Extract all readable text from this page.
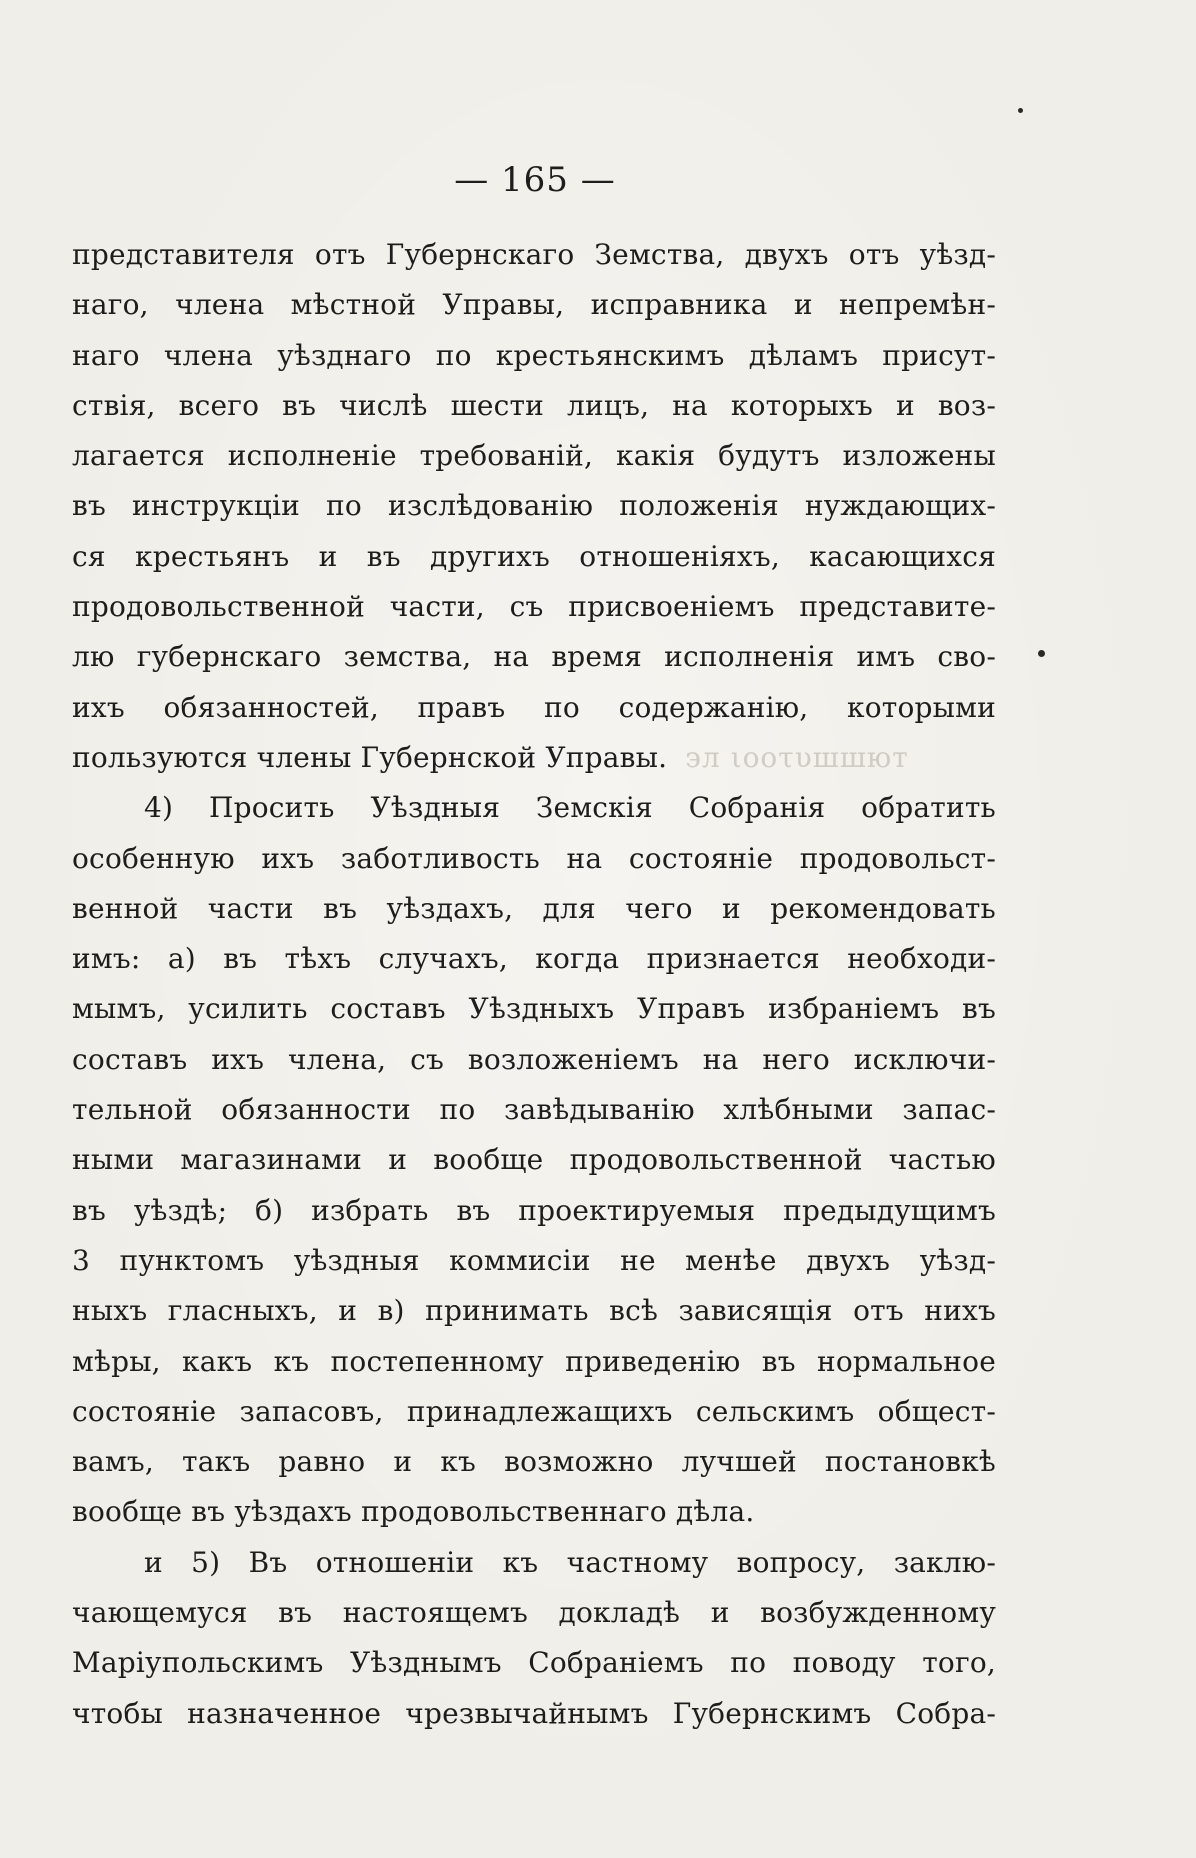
— 165 —
представителя отъ Губернскаго Земства, двухъ отъ уѣзд-
наго, члена мѣстной Управы, исправника и непремѣн-
наго члена уѣзднаго по крестьянскимъ дѣламъ присут-
ствія, всего въ числѣ шести лицъ, на которыхъ и воз-
лагается исполненіе требованій, какія будутъ изложены
въ инструкціи по изслѣдованію положенія нуждающих-
ся крестьянъ и въ другихъ отношеніяхъ, касающихся
продовольственной части, съ присвоеніемъ представите-
лю губернскаго земства, на время исполненія имъ сво-
ихъ обязанностей, правъ по содержанію, которыми
пользуются члены Губернской Управы. эл ιοοτυшшют
4) Просить Уѣздныя Земскія Собранія обратить
особенную ихъ заботливость на состояніе продовольст-
венной части въ уѣздахъ, для чего и рекомендовать
имъ: а) въ тѣхъ случахъ, когда признается необходи-
мымъ, усилить составъ Уѣздныхъ Управъ избраніемъ въ
составъ ихъ члена, съ возложеніемъ на него исключи-
тельной обязанности по завѣдыванію хлѣбными запас-
ными магазинами и вообще продовольственной частью
въ уѣздѣ; б) избрать въ проектируемыя предыдущимъ
3 пунктомъ уѣздныя коммисіи не менѣе двухъ уѣзд-
ныхъ гласныхъ, и в) принимать всѣ зависящія отъ нихъ
мѣры, какъ къ постепенному приведенію въ нормальное
состояніе запасовъ, принадлежащихъ сельскимъ общест-
вамъ, такъ равно и къ возможно лучшей постановкѣ
вообще въ уѣздахъ продовольственнаго дѣла.
и 5) Въ отношеніи къ частному вопросу, заклю-
чающемуся въ настоящемъ докладѣ и возбужденному
Маріупольскимъ Уѣзднымъ Собраніемъ по поводу того,
чтобы назначенное чрезвычайнымъ Губернскимъ Собра-
